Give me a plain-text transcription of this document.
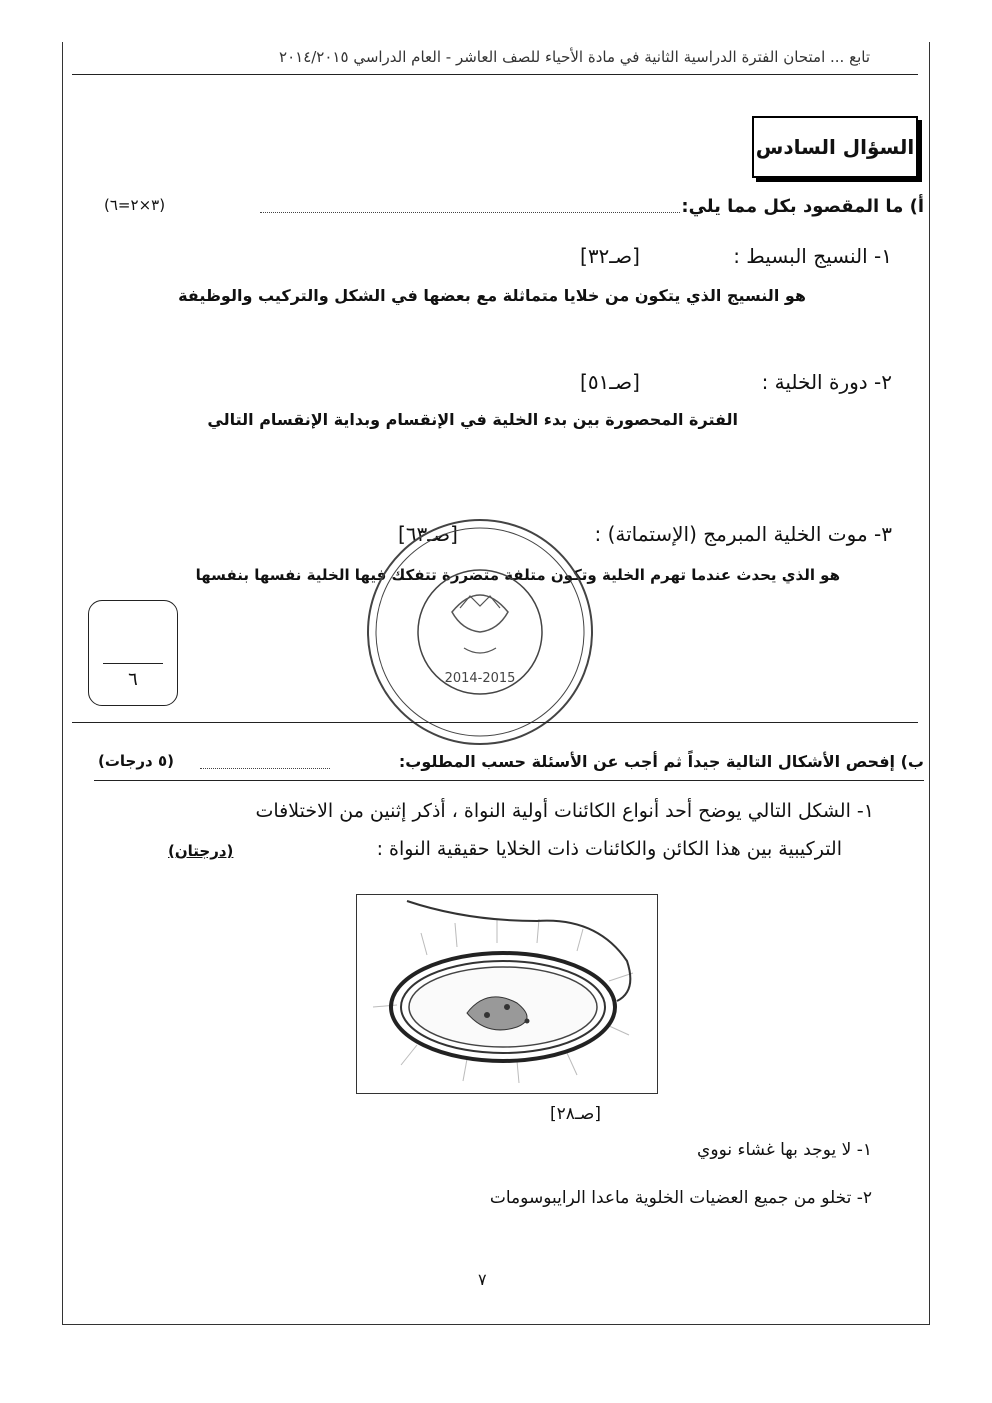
تابع ... امتحان الفترة الدراسية الثانية في مادة الأحياء للصف العاشر - العام الدراسي ٢٠١٤/٢٠١٥
السؤال السادس
أ) ما المقصود بكل مما يلي:
(٣×٢=٦)
١- النسيج البسيط :
[صـ٣٢]
هو النسيج الذي يتكون من خلايا متماثلة مع بعضها في الشكل والتركيب والوظيفة
٢- دورة الخلية :
[صـ٥١]
الفترة المحصورة بين بدء الخلية في الإنقسام وبداية الإنقسام التالي
٣- موت الخلية المبرمج (الإستماتة) :
[صـ٦٣]
هو الذي يحدث عندما تهرم الخلية وتكون متلفة متضررة تتفكك فيها الخلية نفسها بنفسها
٦	2014-2015
ب) إفحص الأشكال التالية جيداً ثم أجب عن الأسئلة حسب المطلوب:
(٥ درجات)
١- الشكل التالي يوضح أحد أنواع الكائنات أولية النواة ، أذكر إثنين من الاختلافات
التركيبية بين هذا الكائن والكائنات ذات الخلايا حقيقية النواة :
(درجتان)
[صـ٢٨]
١- لا يوجد بها غشاء نووي
٢- تخلو من جميع العضيات الخلوية ماعدا الرايبوسومات
٧
